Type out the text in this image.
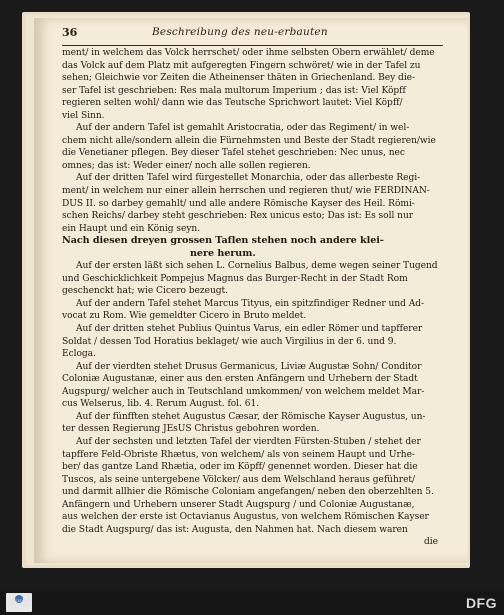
36	Beschreibung des neu-erbauten
ment/ in welchem das Volck herrschet/ oder ihme selbsten Obern erwählet/ deme
das Volck auf dem Platz mit aufgeregten Fingern schwöret/ wie in der Tafel zu
sehen; Gleichwie vor Zeiten die Atheinenser thäten in Griechenland. Bey die-
ser Tafel ist geschrieben: Res mala multorum Imperium ; das ist: Viel Köpff
regieren selten wohl/ dann wie das Teutsche Sprichwort lautet: Viel Köpff/
viel Sinn.
Auf der andern Tafel ist gemahlt Aristocratia, oder das Regiment/ in wel-
chem nicht alle/sondern allein die Fürnehmsten und Beste der Stadt regieren/wie
die Venetianer pflegen. Bey dieser Tafel stehet geschrieben: Nec unus, nec
omnes; das ist: Weder einer/ noch alle sollen regieren.
Auf der dritten Tafel wird fürgestellet Monarchia, oder das allerbeste Regi-
ment/ in welchem nur einer allein herrschen und regieren thut/ wie FERDINAN-
DUS II. so darbey gemahlt/ und alle andere Römische Kayser des Heil. Römi-
schen Reichs/ darbey steht geschrieben: Rex unicus esto; Das ist: Es soll nur
ein Haupt und ein König seyn.
Nach diesen dreyen grossen Taflen stehen noch andere klei-
nere herum.
Auf der ersten läßt sich sehen L. Cornelius Balbus, deme wegen seiner Tugend
und Geschicklichkeit Pompejus Magnus das Burger-Recht in der Stadt Rom
geschenckt hat; wie Cicero bezeugt.
Auf der andern Tafel stehet Marcus Tityus, ein spitzfindiger Redner und Ad-
vocat zu Rom. Wie gemeldter Cicero in Bruto meldet.
Auf der dritten stehet Publius Quintus Varus, ein edler Römer und tapfferer
Soldat / dessen Tod Horatius beklaget/ wie auch Virgilius in der 6. und 9.
Ecloga.
Auf der vierdten stehet Drusus Germanicus, Liviæ Augustæ Sohn/ Conditor
Coloniæ Augustanæ, einer aus den ersten Anfängern und Urhebern der Stadt
Augspurg/ welcher auch in Teutschland umkommen/ von welchem meldet Mar-
cus Welserus, lib. 4. Rerum August. fol. 61.
Auf der fünfften stehet Augustus Cæsar, der Römische Kayser Augustus, un-
ter dessen Regierung JEsUS Christus gebohren worden.
Auf der sechsten und letzten Tafel der vierdten Fürsten-Stuben / stehet der
tapffere Feld-Obriste Rhætus, von welchem/ als von seinem Haupt und Urhe-
ber/ das gantze Land Rhætia, oder im Köpff/ genennet worden. Dieser hat die
Tuscos, als seine untergebene Völcker/ aus dem Welschland heraus geführet/
und darmit allhier die Römische Coloniam angefangen/ neben den oberzehlten 5.
Anfängern und Urhebern unserer Stadt Augspurg / und Coloniæ Augustanæ,
aus welchen der erste ist Octavianus Augustus, von welchem Römischen Kayser
die Stadt Augspurg/ das ist: Augusta, den Nahmen hat. Nach diesem waren
die
FRANCKESCHE STIFTUNGEN	DFG
